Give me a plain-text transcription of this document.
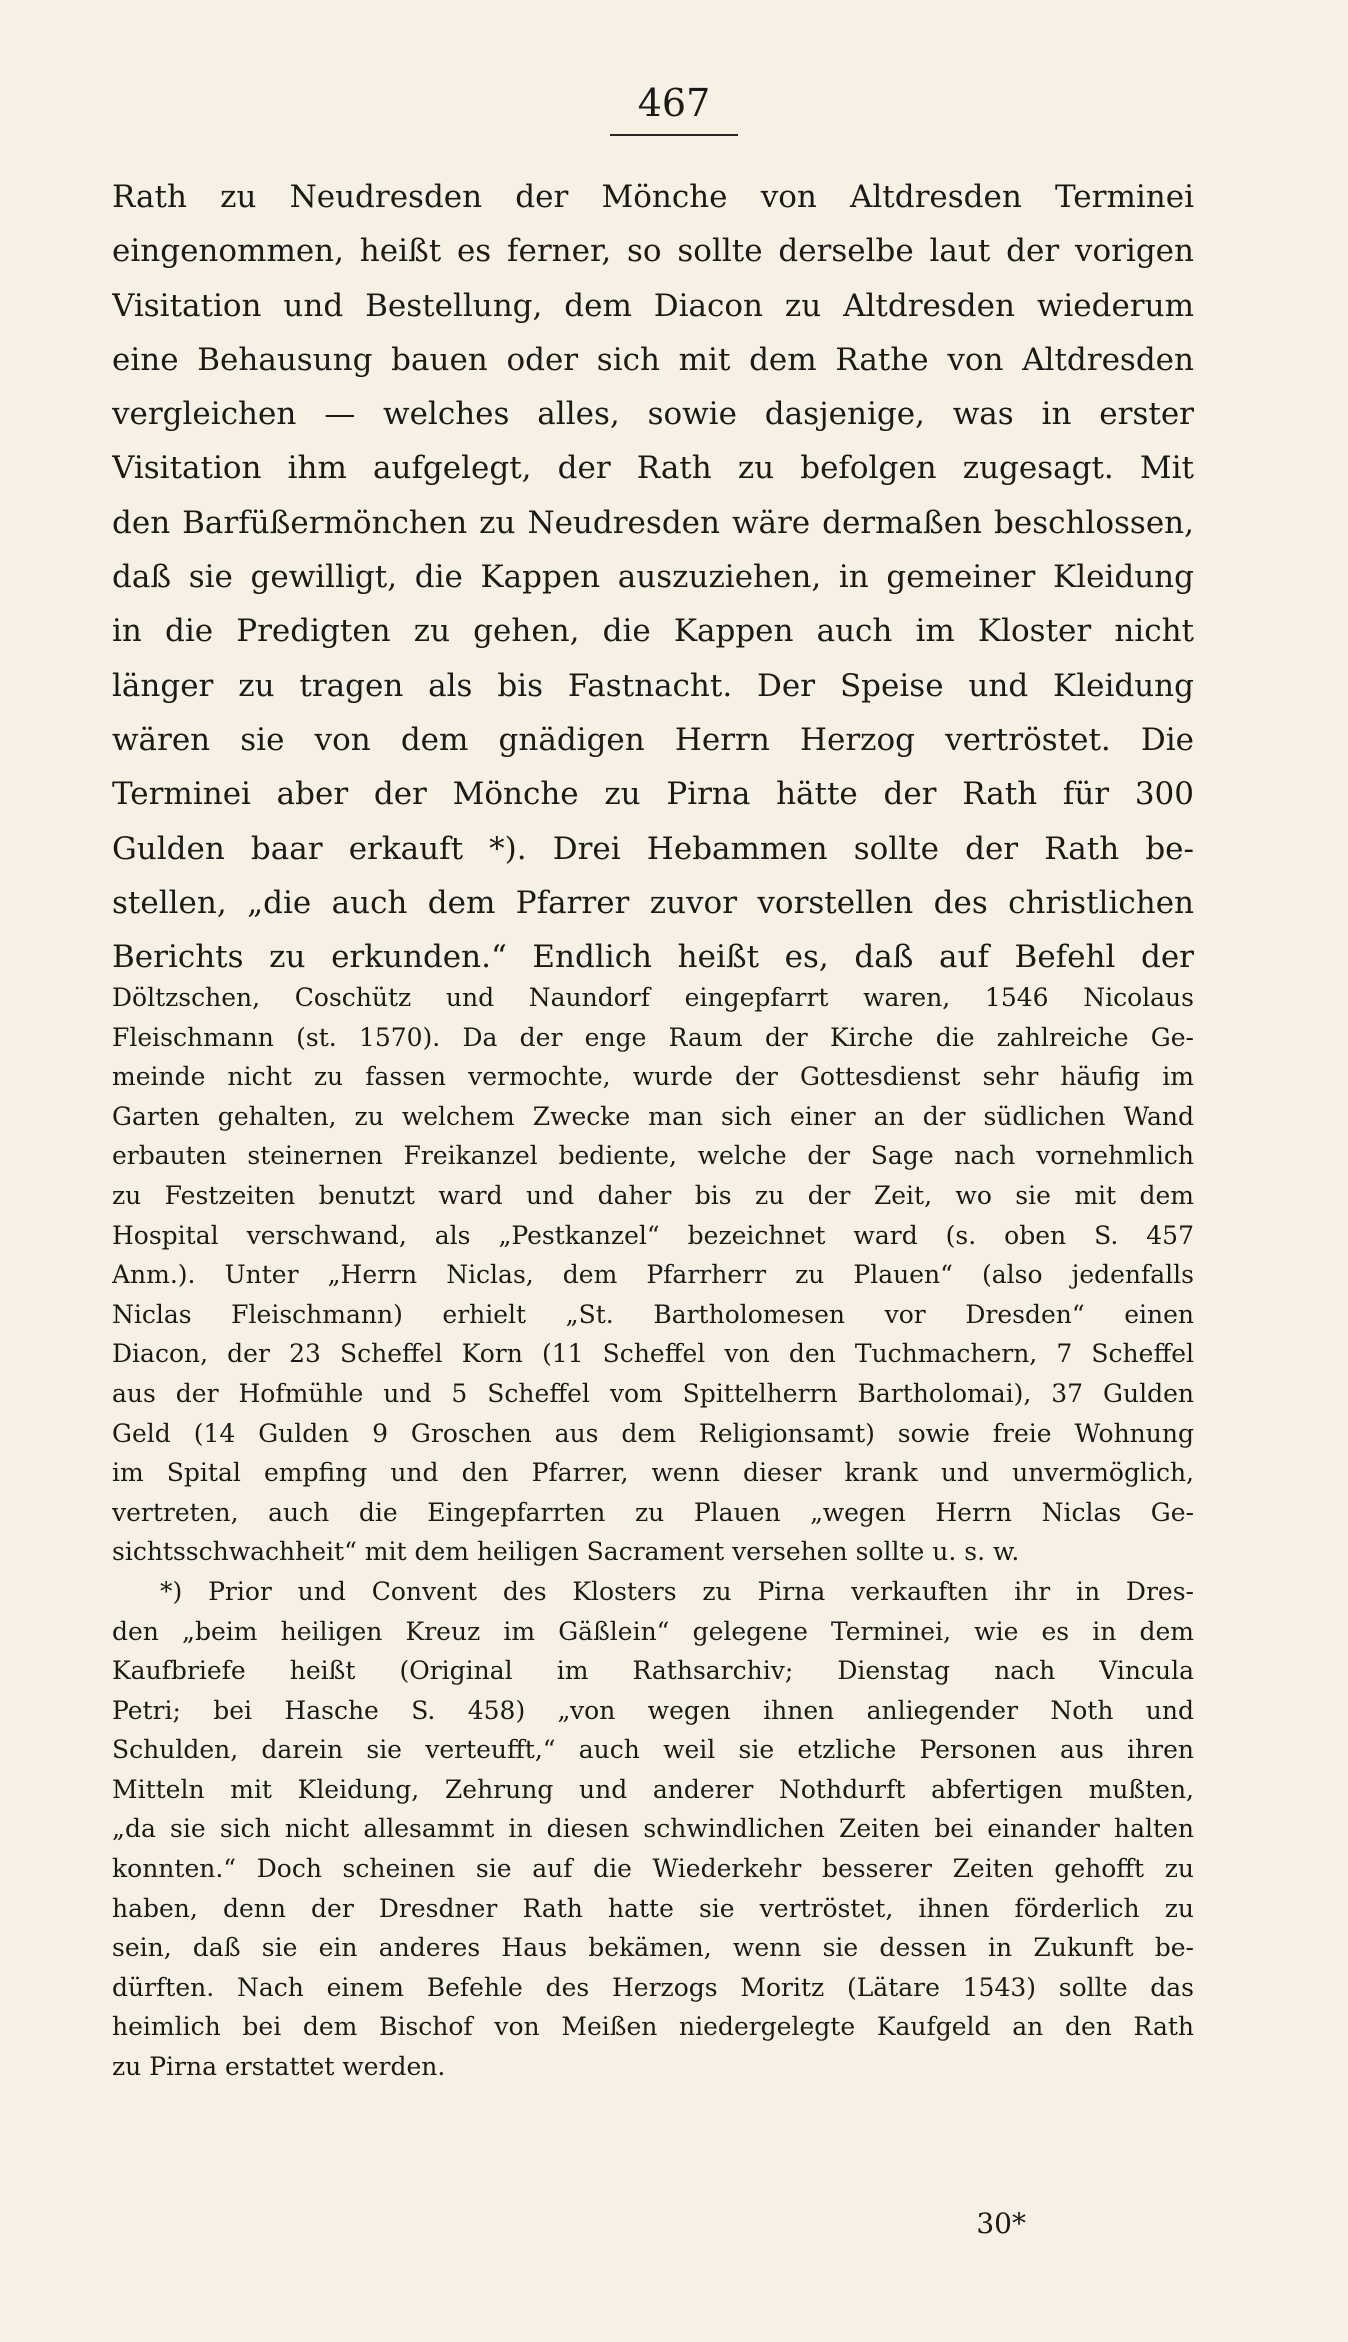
467
Rath zu Neudresden der Mönche von Altdresden Terminei
eingenommen, heißt es ferner, so sollte derselbe laut der vorigen
Visitation und Bestellung, dem Diacon zu Altdresden wiederum
eine Behausung bauen oder sich mit dem Rathe von Altdresden
vergleichen — welches alles, sowie dasjenige, was in erster
Visitation ihm aufgelegt, der Rath zu befolgen zugesagt. Mit
den Barfüßermönchen zu Neudresden wäre dermaßen beschlossen,
daß sie gewilligt, die Kappen auszuziehen, in gemeiner Kleidung
in die Predigten zu gehen, die Kappen auch im Kloster nicht
länger zu tragen als bis Fastnacht. Der Speise und Kleidung
wären sie von dem gnädigen Herrn Herzog vertröstet. Die
Terminei aber der Mönche zu Pirna hätte der Rath für 300
Gulden baar erkauft *). Drei Hebammen sollte der Rath be-
stellen, „die auch dem Pfarrer zuvor vorstellen des christlichen
Berichts zu erkunden.“ Endlich heißt es, daß auf Befehl der
Döltzschen, Coschütz und Naundorf eingepfarrt waren, 1546 Nicolaus
Fleischmann (st. 1570). Da der enge Raum der Kirche die zahlreiche Ge-
meinde nicht zu fassen vermochte, wurde der Gottesdienst sehr häufig im
Garten gehalten, zu welchem Zwecke man sich einer an der südlichen Wand
erbauten steinernen Freikanzel bediente, welche der Sage nach vornehmlich
zu Festzeiten benutzt ward und daher bis zu der Zeit, wo sie mit dem
Hospital verschwand, als „Pestkanzel“ bezeichnet ward (s. oben S. 457
Anm.). Unter „Herrn Niclas, dem Pfarrherr zu Plauen“ (also jedenfalls
Niclas Fleischmann) erhielt „St. Bartholomesen vor Dresden“ einen
Diacon, der 23 Scheffel Korn (11 Scheffel von den Tuchmachern, 7 Scheffel
aus der Hofmühle und 5 Scheffel vom Spittelherrn Bartholomai), 37 Gulden
Geld (14 Gulden 9 Groschen aus dem Religionsamt) sowie freie Wohnung
im Spital empfing und den Pfarrer, wenn dieser krank und unvermöglich,
vertreten, auch die Eingepfarrten zu Plauen „wegen Herrn Niclas Ge-
sichtsschwachheit“ mit dem heiligen Sacrament versehen sollte u. s. w.
*) Prior und Convent des Klosters zu Pirna verkauften ihr in Dres-
den „beim heiligen Kreuz im Gäßlein“ gelegene Terminei, wie es in dem
Kaufbriefe heißt (Original im Rathsarchiv; Dienstag nach Vincula
Petri; bei Hasche S. 458) „von wegen ihnen anliegender Noth und
Schulden, darein sie verteufft,“ auch weil sie etzliche Personen aus ihren
Mitteln mit Kleidung, Zehrung und anderer Nothdurft abfertigen mußten,
„da sie sich nicht allesammt in diesen schwindlichen Zeiten bei einander halten
konnten.“ Doch scheinen sie auf die Wiederkehr besserer Zeiten gehofft zu
haben, denn der Dresdner Rath hatte sie vertröstet, ihnen förderlich zu
sein, daß sie ein anderes Haus bekämen, wenn sie dessen in Zukunft be-
dürften. Nach einem Befehle des Herzogs Moritz (Lätare 1543) sollte das
heimlich bei dem Bischof von Meißen niedergelegte Kaufgeld an den Rath
zu Pirna erstattet werden.
30*
